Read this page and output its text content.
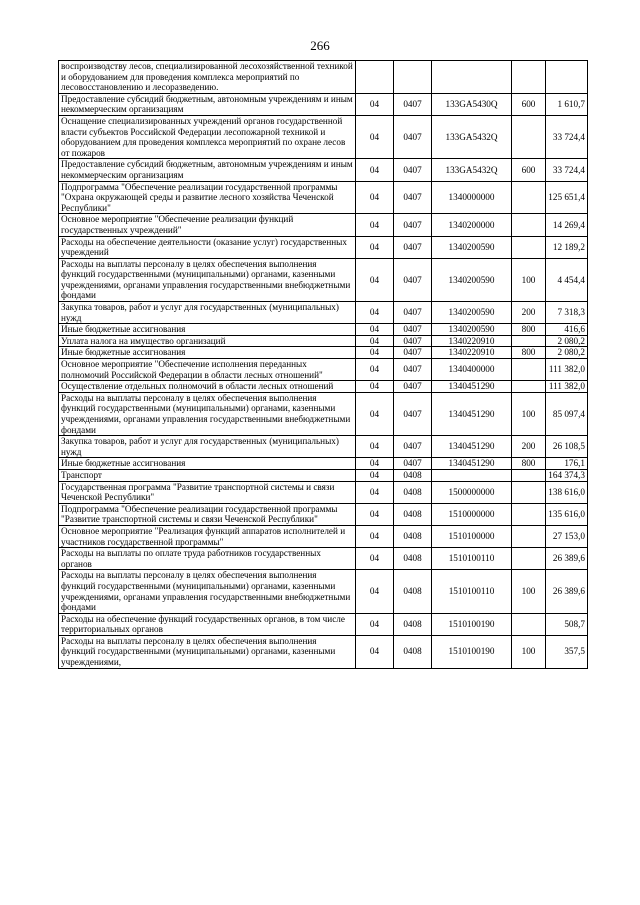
266
воспроизводству лесов, специализированной лесохозяйственной техникой и оборудованием для проведения комплекса мероприятий по лесовосстановлению и лесоразведению.					
Предоставление субсидий бюджетным, автономным учреждениям и иным некоммерческим организациям	04	0407	133GA5430Q	600	1 610,7
Оснащение специализированных учреждений органов государственной власти субъектов Российской Федерации лесопожарной техникой и оборудованием для проведения комплекса мероприятий по охране лесов от пожаров	04	0407	133GA5432Q		33 724,4
Предоставление субсидий бюджетным, автономным учреждениям и иным некоммерческим организациям	04	0407	133GA5432Q	600	33 724,4
Подпрограмма "Обеспечение реализации государственной программы "Охрана окружающей среды и развитие лесного хозяйства Чеченской Республики"	04	0407	1340000000		125 651,4
Основное мероприятие "Обеспечение реализации функций государственных учреждений"	04	0407	1340200000		14 269,4
Расходы на обеспечение деятельности (оказание услуг) государственных учреждений	04	0407	1340200590		12 189,2
Расходы на выплаты персоналу в целях обеспечения выполнения функций государственными (муниципальными) органами, казенными учреждениями, органами управления государственными внебюджетными фондами	04	0407	1340200590	100	4 454,4
Закупка товаров, работ и услуг для государственных (муниципальных) нужд	04	0407	1340200590	200	7 318,3
Иные бюджетные ассигнования	04	0407	1340200590	800	416,6
Уплата налога на имущество организаций	04	0407	1340220910		2 080,2
Иные бюджетные ассигнования	04	0407	1340220910	800	2 080,2
Основное мероприятие "Обеспечение исполнения переданных полномочий Российской Федерации в области лесных отношений"	04	0407	1340400000		111 382,0
Осуществление отдельных полномочий в области лесных отношений	04	0407	1340451290		111 382,0
Расходы на выплаты персоналу в целях обеспечения выполнения функций государственными (муниципальными) органами, казенными учреждениями, органами управления государственными внебюджетными фондами	04	0407	1340451290	100	85 097,4
Закупка товаров, работ и услуг для государственных (муниципальных) нужд	04	0407	1340451290	200	26 108,5
Иные бюджетные ассигнования	04	0407	1340451290	800	176,1
Транспорт	04	0408			164 374,3
Государственная программа "Развитие транспортной системы и связи Чеченской Республики"	04	0408	1500000000		138 616,0
Подпрограмма "Обеспечение реализации государственной программы "Развитие транспортной системы и связи Чеченской Республики"	04	0408	1510000000		135 616,0
Основное мероприятие "Реализация функций аппаратов исполнителей и участников государственной программы"	04	0408	1510100000		27 153,0
Расходы на выплаты по оплате труда работников государственных органов	04	0408	1510100110		26 389,6
Расходы на выплаты персоналу в целях обеспечения выполнения функций государственными (муниципальными) органами, казенными учреждениями, органами управления государственными внебюджетными фондами	04	0408	1510100110	100	26 389,6
Расходы на обеспечение функций государственных органов, в том числе территориальных органов	04	0408	1510100190		508,7
Расходы на выплаты персоналу в целях обеспечения выполнения функций государственными (муниципальными) органами, казенными учреждениями,	04	0408	1510100190	100	357,5
